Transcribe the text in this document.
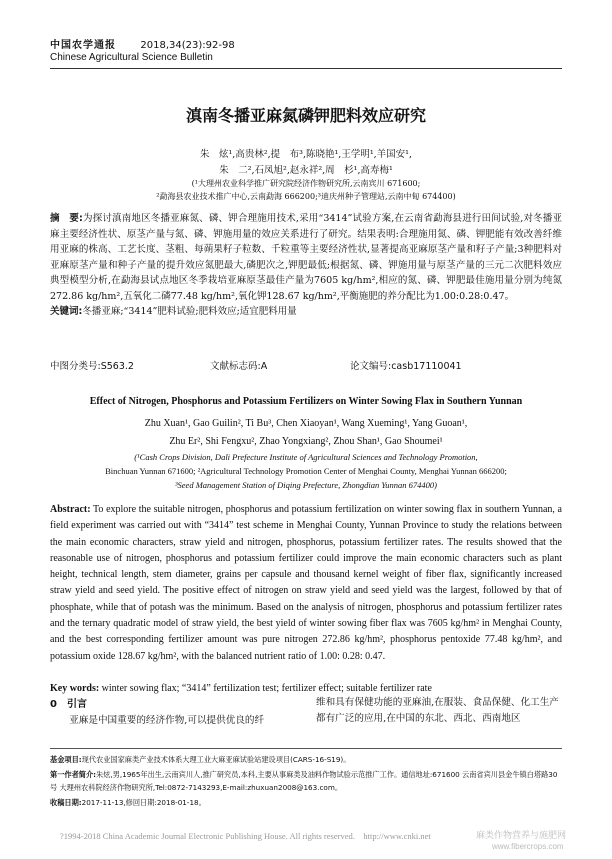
中国农学通报 2018,34(23):92-98
Chinese Agricultural Science Bulletin
滇南冬播亚麻氮磷钾肥料效应研究
朱　炫¹,高贵林²,提　布³,陈晓艳¹,王学明¹,羊国安¹,
朱　二²,石凤旭²,赵永祥²,周　杉¹,高寿梅¹
(¹大理州农业科学推广研究院经济作物研究所,云南宾川 671600;
²勐海县农业技术推广中心,云南勐海 666200;³迪庆州种子管理站,云南中甸 674400)
摘　要:为探讨滇南地区冬播亚麻氮、磷、钾合理施用技术,采用“3414”试验方案,在云南省勐海县进行田间试验,对冬播亚麻主要经济性状、原茎产量与氮、磷、钾施用量的效应关系进行了研究。结果表明:合理施用氮、磷、钾肥能有效改善纤维用亚麻的株高、工艺长度、茎粗、每蒴果籽子粒数、千粒重等主要经济性状,显著提高亚麻原茎产量和籽子产量;3种肥料对亚麻原茎产量和种子产量的提升效应氮肥最大,磷肥次之,钾肥最低;根据氮、磷、钾施用量与原茎产量的三元二次肥料效应典型模型分析,在勐海县试点地区冬季栽培亚麻原茎最佳产量为7605 kg/hm²,相应的氮、磷、钾肥最佳施用量分别为纯氮272.86 kg/hm²,五氧化二磷77.48 kg/hm²,氧化钾128.67 kg/hm²,平衡施肥的养分配比为1.00:0.28:0.47。
关键词:冬播亚麻;“3414”肥料试验;肥料效应;适宜肥料用量
中图分类号:S563.2	文献标志码:A	论文编号:casb17110041
Effect of Nitrogen, Phosphorus and Potassium Fertilizers on Winter Sowing Flax in Southern Yunnan
Zhu Xuan¹, Gao Guilin², Ti Bu³, Chen Xiaoyan¹, Wang Xueming¹, Yang Guoan¹,
Zhu Er², Shi Fengxu², Zhao Yongxiang², Zhou Shan¹, Gao Shoumei¹
(¹Cash Crops Division, Dali Prefecture Institute of Agricultural Sciences and Technology Promotion,
Binchuan Yunnan 671600; ²Agricultural Technology Promotion Center of Menghai County, Menghai Yunnan 666200;
³Seed Management Station of Diqing Prefecture, Zhongdian Yunnan 674400)
Abstract: To explore the suitable nitrogen, phosphorus and potassium fertilization on winter sowing flax in southern Yunnan, a field experiment was carried out with “3414” test scheme in Menghai County, Yunnan Province to study the relations between the main economic characters, straw yield and nitrogen, phosphorus, potassium fertilizer rates. The results showed that the reasonable use of nitrogen, phosphorus and potassium fertilizer could improve the main economic characters such as plant height, technical length, stem diameter, grains per capsule and thousand kernel weight of fiber flax, significantly increased straw yield and seed yield. The positive effect of nitrogen on straw yield and seed yield was the largest, followed by that of phosphate, while that of potash was the minimum. Based on the analysis of nitrogen, phosphorus and potassium fertilizer rates and the ternary quadratic model of straw yield, the best yield of winter sowing fiber flax was 7605 kg/hm² in Menghai County, and the best corresponding fertilizer amount was pure nitrogen 272.86 kg/hm², phosphorus pentoxide 77.48 kg/hm², and potassium oxide 128.67 kg/hm², with the balanced nutrient ratio of 1.00: 0.28: 0.47.
Key words: winter sowing flax; “3414” fertilization test; fertilizer effect; suitable fertilizer rate
0　引言
亚麻是中国重要的经济作物,可以提供优良的纤
维和具有保健功能的亚麻油,在服装、食品保健、化工生产都有广泛的应用,在中国的东北、西北、西南地区
基金项目:现代农业国家麻类产业技术体系大理工业大麻亚麻试验站建设项目(CARS-16-S19)。
第一作者简介:朱炫,男,1965年出生,云南宾川人,推广研究员,本科,主要从事麻类及油料作物试验示范推广工作。通信地址:671600 云南省宾川县金牛镇白塔路30号 大理州农科院经济作物研究所,Tel:0872-7143293,E-mail:zhuxuan2008@163.com。
收稿日期:2017-11-13,修回日期:2018-01-18。
?1994-2018 China Academic Journal Electronic Publishing House. All rights reserved.　http://www.cnki.net	麻类作物营养与施肥网
www.fibercrops.com
